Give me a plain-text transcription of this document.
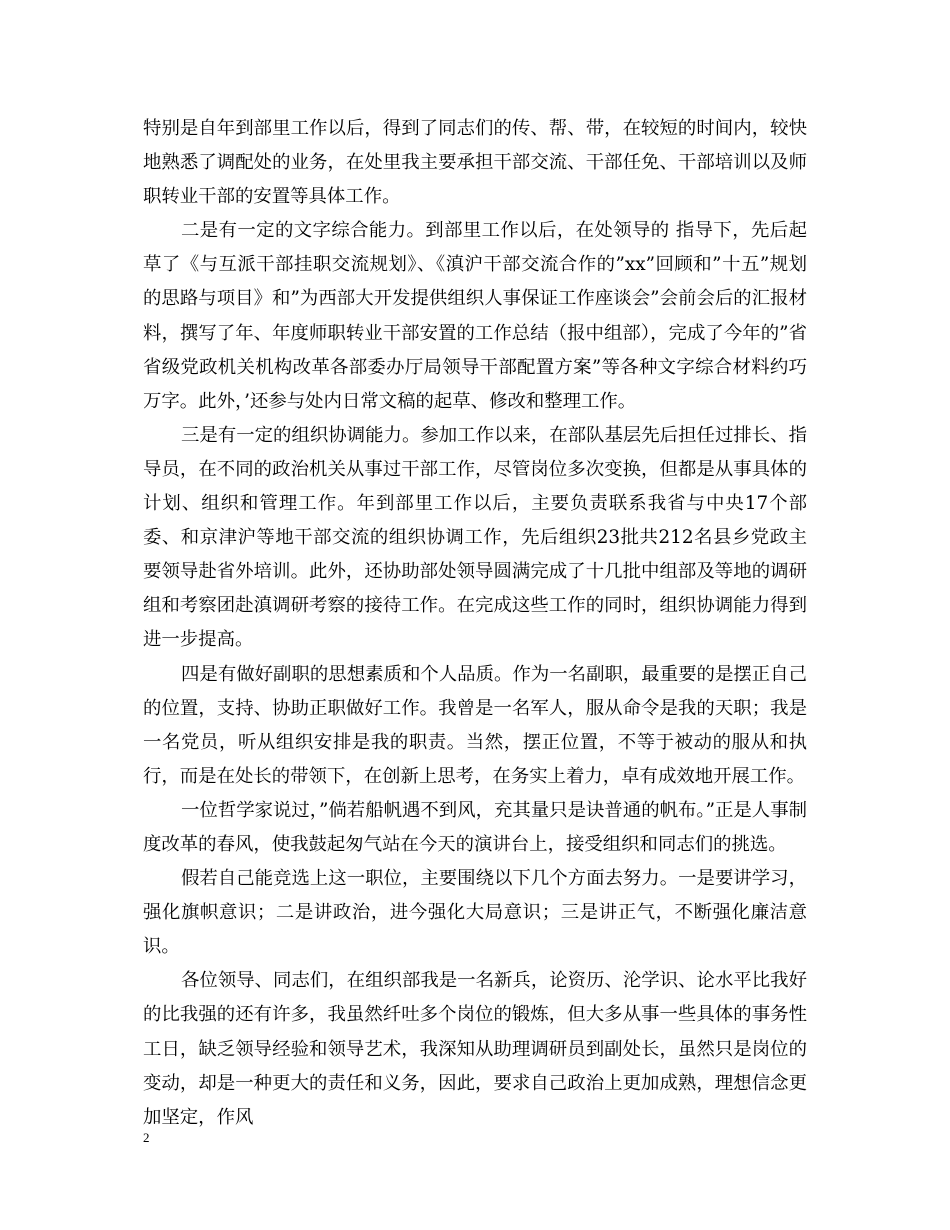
特别是自年到部里工作以后，得到了同志们的传、帮、带，在较短的时间内，较快地熟悉了调配处的业务，在处里我主要承担干部交流、干部任免、干部培训以及师职转业干部的安置等具体工作。

二是有一定的文字综合能力。到部里工作以后，在处领导的 指导下，先后起草了《与互派干部挂职交流规划》、《滇沪干部交流合作的”xx”回顾和”十五”规划的思路与项目》和”为西部大开发提供组织人事保证工作座谈会”会前会后的汇报材料，撰写了年、年度师职转业干部安置的工作总结（报中组部），完成了今年的”省省级党政机关机构改革各部委办厅局领导干部配置方案”等各种文字综合材料约巧万字。此外，’还参与处内日常文稿的起草、修改和整理工作。

三是有一定的组织协调能力。参加工作以来，在部队基层先后担任过排长、指导员，在不同的政治机关从事过干部工作，尽管岗位多次变换，但都是从事具体的计划、组织和管理工作。年到部里工作以后，主要负责联系我省与中央17个部委、和京津沪等地干部交流的组织协调工作，先后组织23批共212名县乡党政主要领导赴省外培训。此外，还协助部处领导圆满完成了十几批中组部及等地的调研组和考察团赴滇调研考察的接待工作。在完成这些工作的同时，组织协调能力得到进一步提高。

四是有做好副职的思想素质和个人品质。作为一名副职，最重要的是摆正自己的位置，支持、协助正职做好工作。我曾是一名军人，服从命令是我的天职；我是一名党员，听从组织安排是我的职责。当然，摆正位置，不等于被动的服从和执行，而是在处长的带领下，在创新上思考，在务实上着力，卓有成效地开展工作。

一位哲学家说过，”倘若船帆遇不到风，充其量只是诀普通的帆布。”正是人事制度改革的春风，使我鼓起匆气站在今天的演讲台上，接受组织和同志们的挑选。

假若自己能竞选上这一职位，主要围绕以下几个方面去努力。一是要讲学习，强化旗帜意识；二是讲政治，进今强化大局意识；三是讲正气，不断强化廉洁意识。

各位领导、同志们，在组织部我是一名新兵，论资历、沦学识、论水平比我好的比我强的还有许多，我虽然纤吐多个岗位的锻炼，但大多从事一些具体的事务性工日，缺乏领导经验和领导艺术，我深知从助理调研员到副处长，虽然只是岗位的变动，却是一种更大的责任和义务，因此，要求自己政治上更加成熟，理想信念更加坚定，作风

2
